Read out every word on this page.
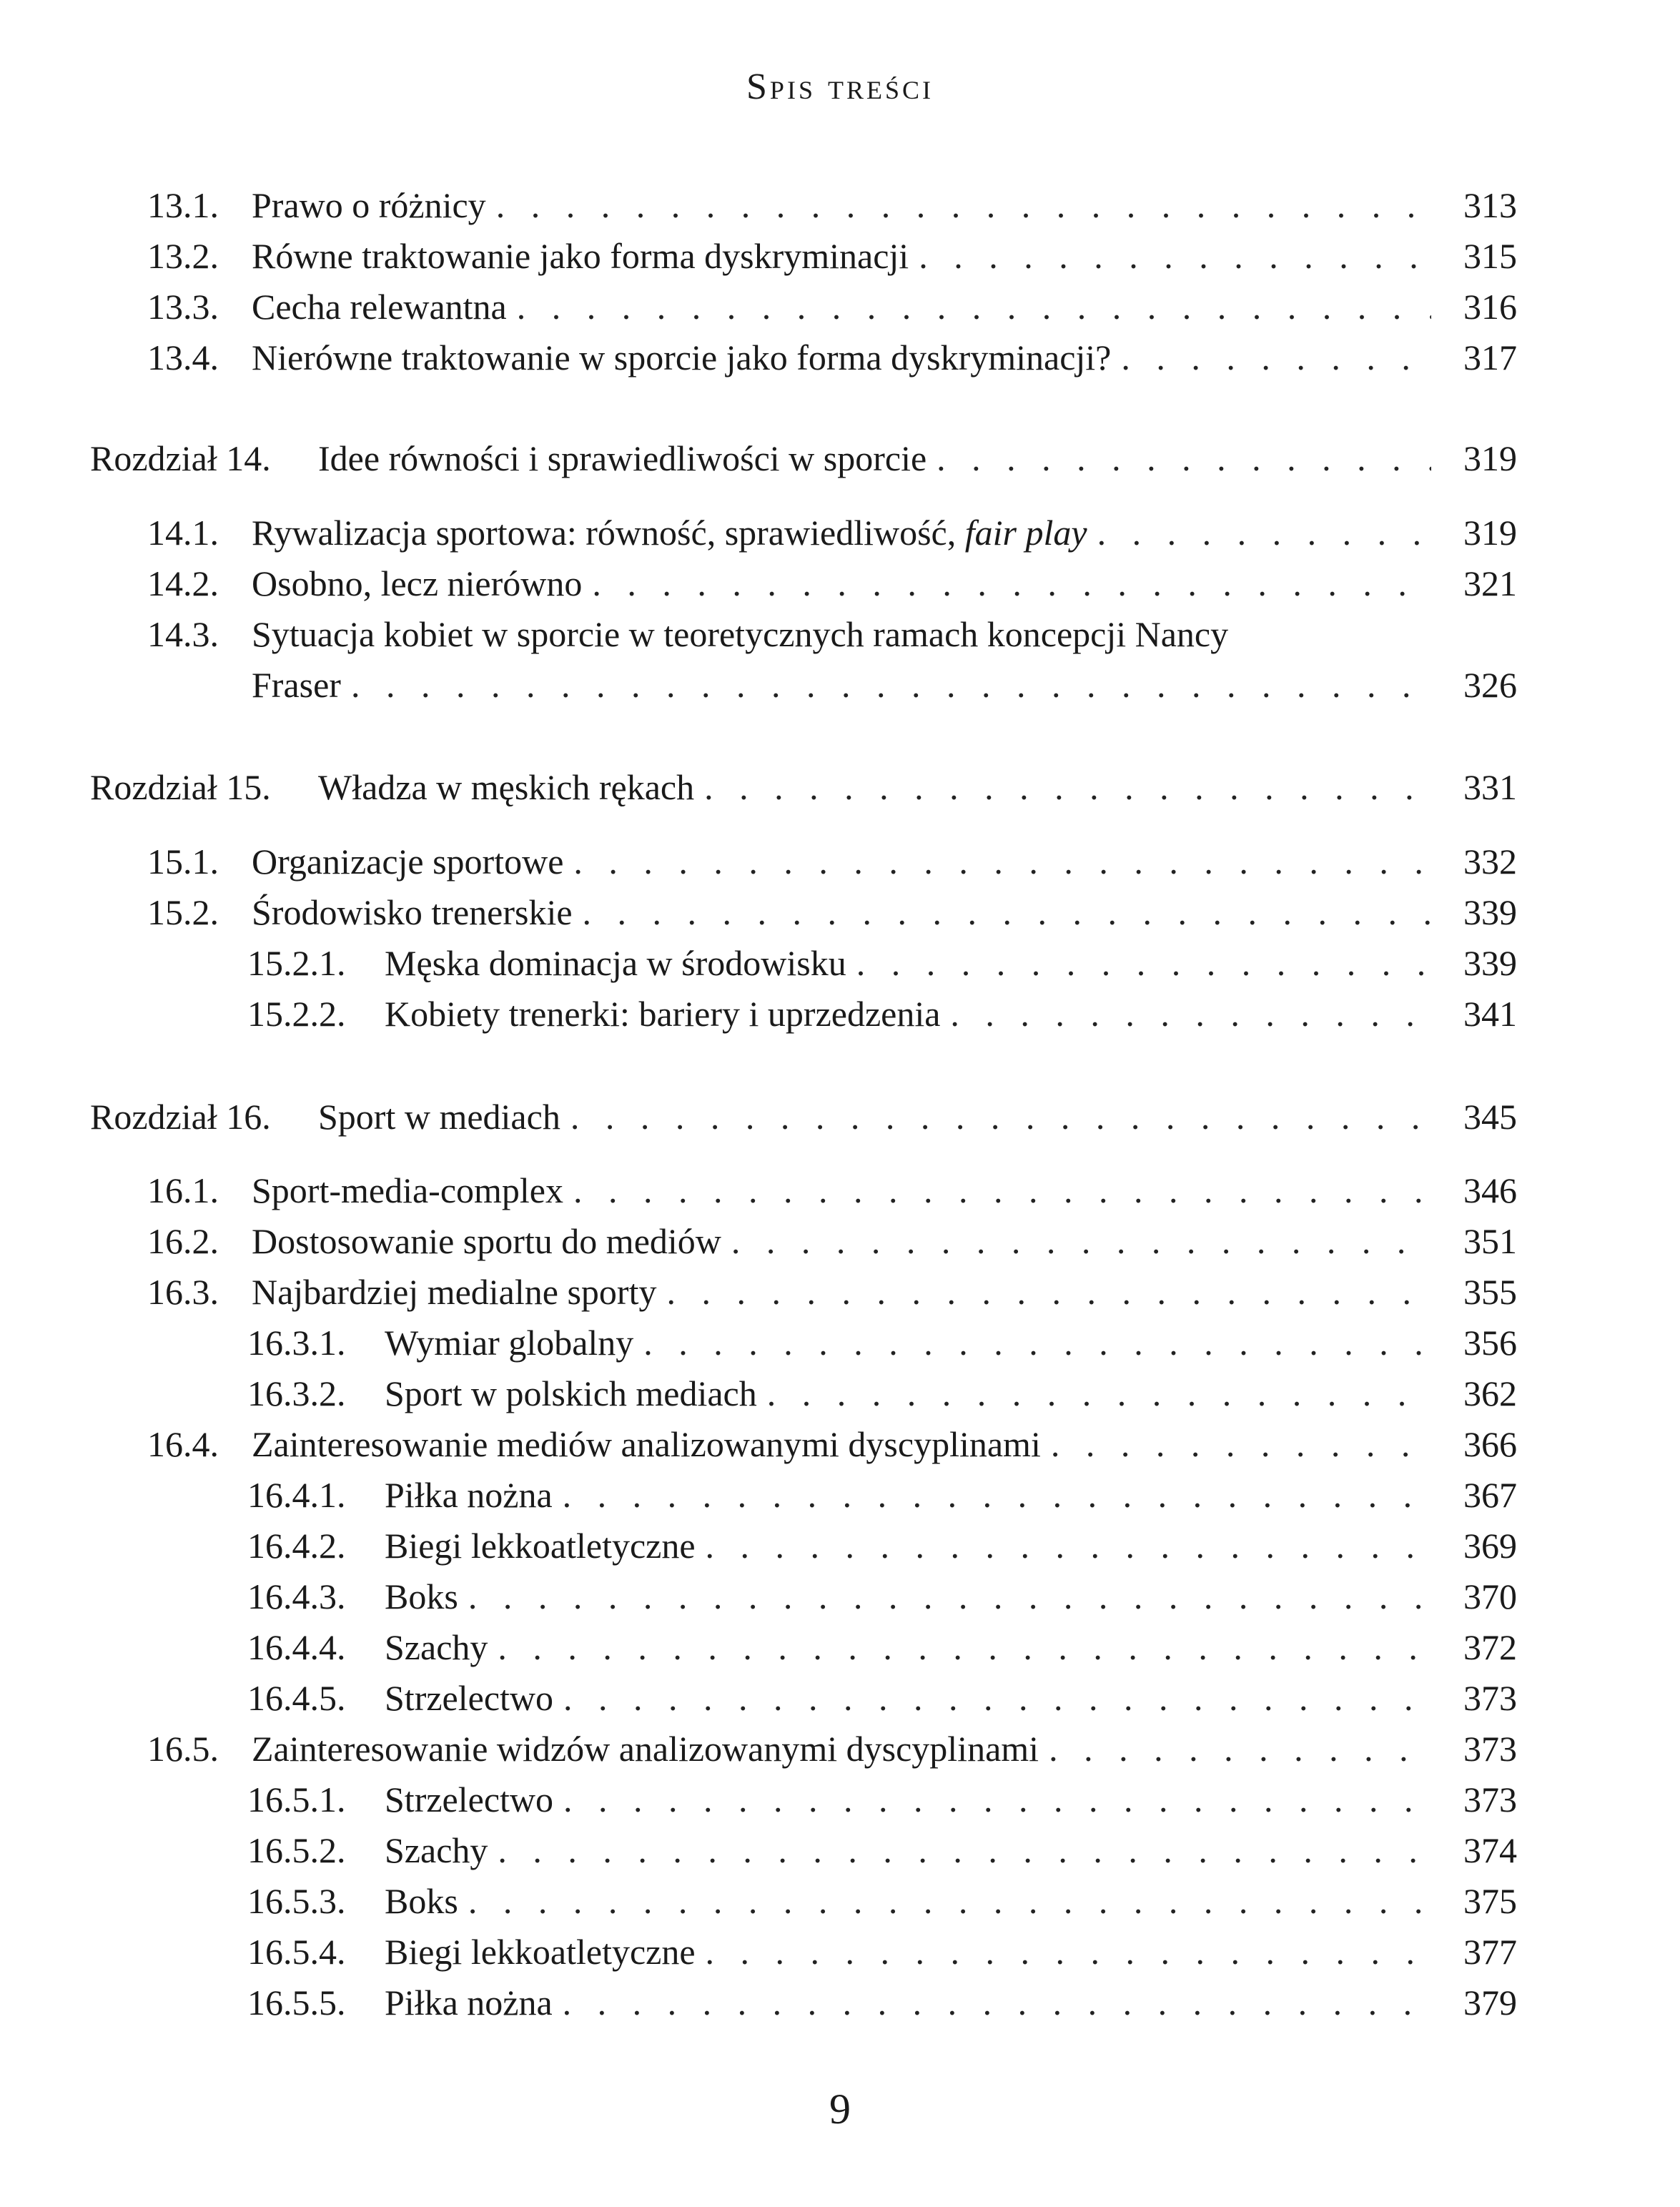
Spis treści
13.1. Prawo o różnicy . . .	313
13.2. Równe traktowanie jako forma dyskryminacji . . .	315
13.3. Cecha relewantna . . .	316
13.4. Nierówne traktowanie w sporcie jako forma dyskryminacji? . . .	317
Rozdział 14. Idee równości i sprawiedliwości w sporcie . . .	319
14.1. Rywalizacja sportowa: równość, sprawiedliwość, fair play . . .	319
14.2. Osobno, lecz nierówno . . .	321
14.3. Sytuacja kobiet w sporcie w teoretycznych ramach koncepcji Nancy
Fraser . . .	326
Rozdział 15. Władza w męskich rękach . . .	331
15.1. Organizacje sportowe . . .	332
15.2. Środowisko trenerskie . . .	339
15.2.1. Męska dominacja w środowisku . . .	339
15.2.2. Kobiety trenerki: bariery i uprzedzenia . . .	341
Rozdział 16. Sport w mediach . . .	345
16.1. Sport-media-complex . . .	346
16.2. Dostosowanie sportu do mediów . . .	351
16.3. Najbardziej medialne sporty . . .	355
16.3.1. Wymiar globalny . . .	356
16.3.2. Sport w polskich mediach . . .	362
16.4. Zainteresowanie mediów analizowanymi dyscyplinami . . .	366
16.4.1. Piłka nożna . . .	367
16.4.2. Biegi lekkoatletyczne . . .	369
16.4.3. Boks . . .	370
16.4.4. Szachy . . .	372
16.4.5. Strzelectwo . . .	373
16.5. Zainteresowanie widzów analizowanymi dyscyplinami . . .	373
16.5.1. Strzelectwo . . .	373
16.5.2. Szachy . . .	374
16.5.3. Boks . . .	375
16.5.4. Biegi lekkoatletyczne . . .	377
16.5.5. Piłka nożna . . .	379
9
